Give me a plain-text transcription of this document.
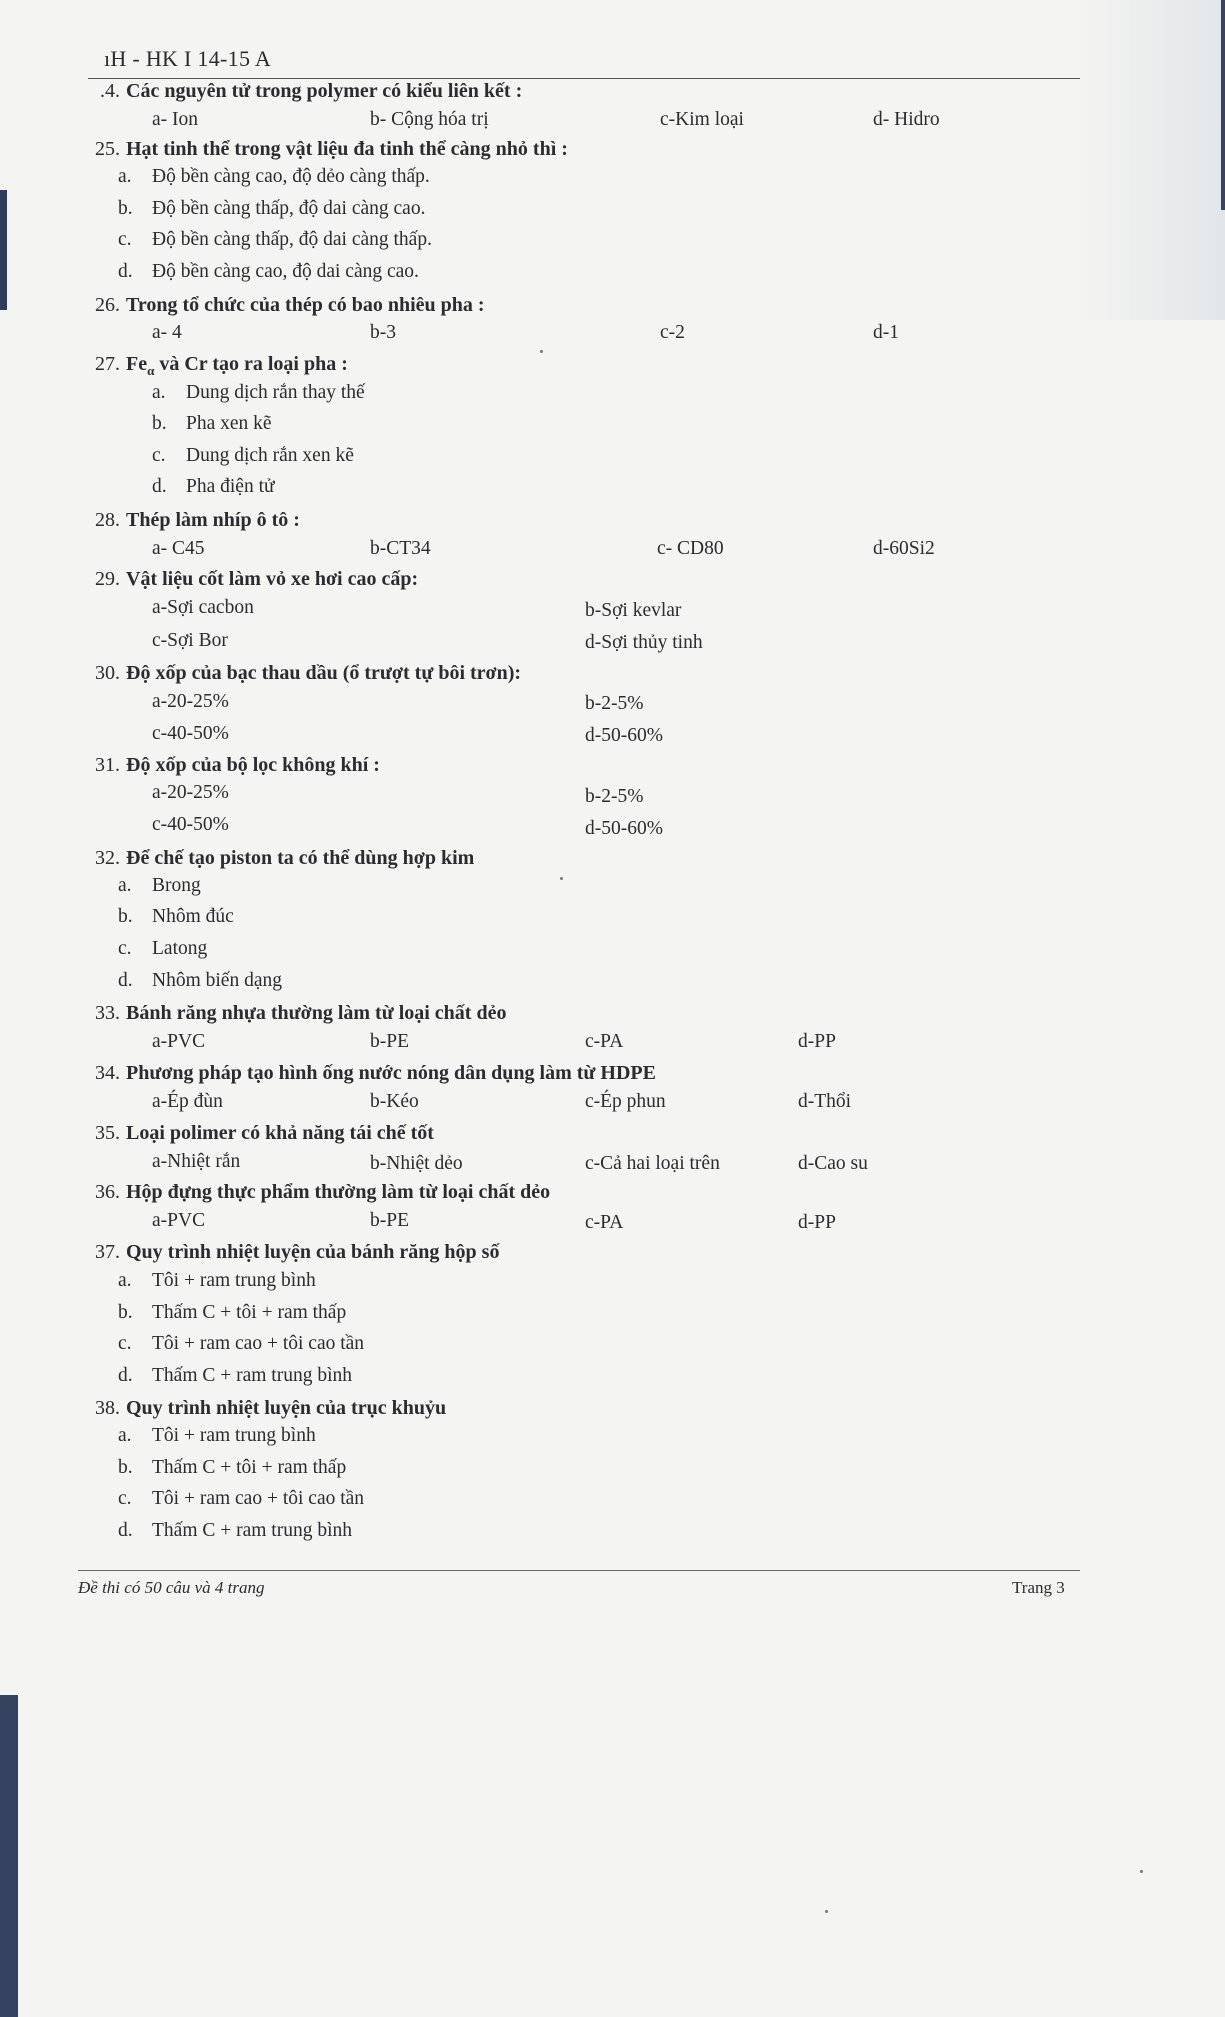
ıH - HK I 14-15 A
.4. Các nguyên tử trong polymer có kiểu liên kết :
a- Ion	b- Cộng hóa trị	c-Kim loại	d- Hidro
25. Hạt tinh thể trong vật liệu đa tinh thể càng nhỏ thì :
a. Độ bền càng cao, độ dẻo càng thấp.
b. Độ bền càng thấp, độ dai càng cao.
c. Độ bền càng thấp, độ dai càng thấp.
d. Độ bền càng cao, độ dai càng cao.
26. Trong tổ chức của thép có bao nhiêu pha :
a- 4	b-3	c-2	d-1
27. $Fe_\alpha$ và Cr tạo ra loại pha :
a. Dung dịch rắn thay thế
b. Pha xen kẽ
c. Dung dịch rắn xen kẽ
d. Pha điện tử
28. Thép làm nhíp ô tô :
a- C45	b-CT34	c- CD80	d-60Si2
29. Vật liệu cốt làm vỏ xe hơi cao cấp:
a-Sợi cacbon	b-Sợi kevlar
c-Sợi Bor	d-Sợi thủy tinh
30. Độ xốp của bạc thau dầu (ổ trượt tự bôi trơn):
a-20-25%	b-2-5%
c-40-50%	d-50-60%
31. Độ xốp của bộ lọc không khí :
a-20-25%	b-2-5%
c-40-50%	d-50-60%
32. Để chế tạo piston ta có thể dùng hợp kim
a. Brong
b. Nhôm đúc
c. Latong
d. Nhôm biến dạng
33. Bánh răng nhựa thường làm từ loại chất dẻo
a-PVC	b-PE	c-PA	d-PP
34. Phương pháp tạo hình ống nước nóng dân dụng làm từ HDPE
a-Ép đùn	b-Kéo	c-Ép phun	d-Thổi
35. Loại polimer có khả năng tái chế tốt
a-Nhiệt rắn	b-Nhiệt dẻo	c-Cả hai loại trên	d-Cao su
36. Hộp đựng thực phẩm thường làm từ loại chất dẻo
a-PVC	b-PE	c-PA	d-PP
37. Quy trình nhiệt luyện của bánh răng hộp số
a. Tôi + ram trung bình
b. Thấm C + tôi + ram thấp
c. Tôi + ram cao + tôi cao tần
d. Thấm C + ram trung bình
38. Quy trình nhiệt luyện của trục khuỷu
a. Tôi + ram trung bình
b. Thấm C + tôi + ram thấp
c. Tôi + ram cao + tôi cao tần
d. Thấm C + ram trung bình
Đề thi có 50 câu và 4 trang	Trang 3
